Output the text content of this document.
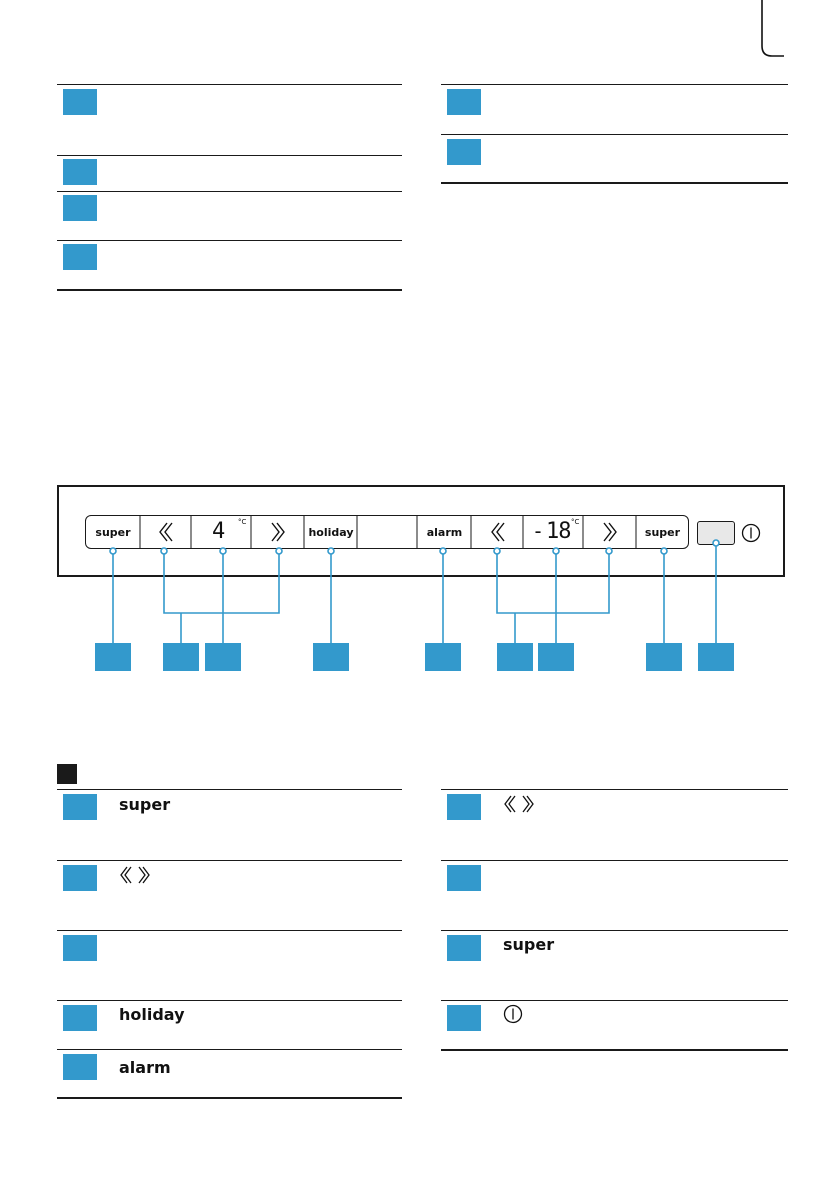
super	4 °C
holiday	alarm	- 18 °C
super
super
holiday
alarm
super
